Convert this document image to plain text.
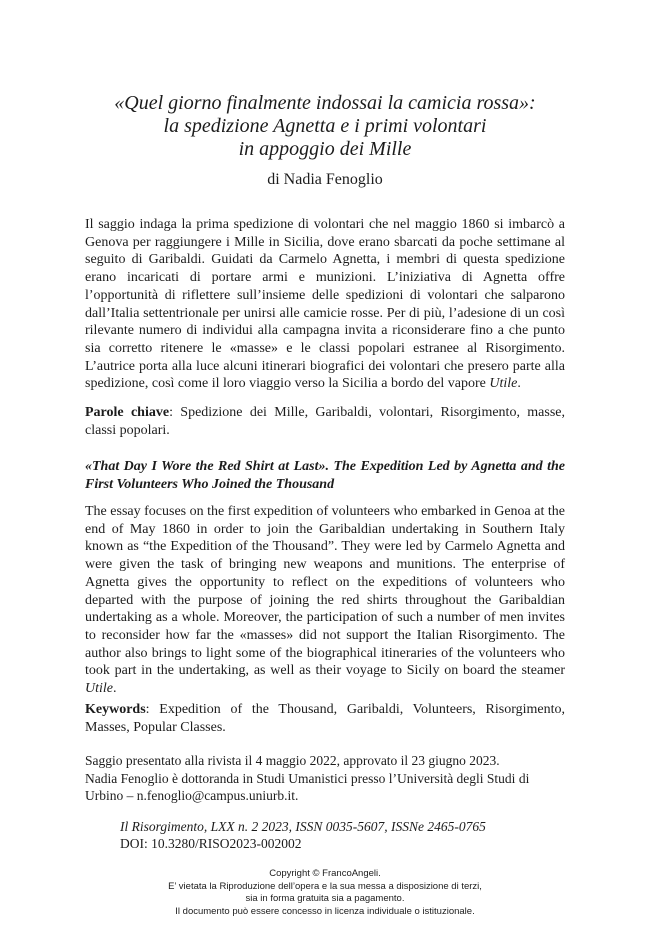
«Quel giorno finalmente indossai la camicia rossa»:
la spedizione Agnetta e i primi volontari
in appoggio dei Mille
di Nadia Fenoglio

Il saggio indaga la prima spedizione di volontari che nel maggio 1860 si imbarcò a Genova per raggiungere i Mille in Sicilia, dove erano sbarcati da poche settimane al seguito di Garibaldi. Guidati da Carmelo Agnetta, i membri di questa spedizione erano incaricati di portare armi e munizioni. L’iniziativa di Agnetta offre l’opportunità di riflettere sull’insieme delle spedizioni di volontari che salparono dall’Italia settentrionale per unirsi alle camicie rosse. Per di più, l’adesione di un così rilevante numero di individui alla campagna invita a riconsiderare fino a che punto sia corretto ritenere le «masse» e le classi popolari estranee al Risorgimento. L’autrice porta alla luce alcuni itinerari biografici dei volontari che presero parte alla spedizione, così come il loro viaggio verso la Sicilia a bordo del vapore Utile.

Parole chiave: Spedizione dei Mille, Garibaldi, volontari, Risorgimento, masse, classi popolari.

«That Day I Wore the Red Shirt at Last». The Expedition Led by Agnetta and the First Volunteers Who Joined the Thousand

The essay focuses on the first expedition of volunteers who embarked in Genoa at the end of May 1860 in order to join the Garibaldian undertaking in Southern Italy known as “the Expedition of the Thousand”. They were led by Carmelo Agnetta and were given the task of bringing new weapons and munitions. The enterprise of Agnetta gives the opportunity to reflect on the expeditions of volunteers who departed with the purpose of joining the red shirts throughout the Garibaldian undertaking as a whole. Moreover, the participation of such a number of men invites to reconsider how far the «masses» did not support the Italian Risorgimento. The author also brings to light some of the biographical itineraries of the volunteers who took part in the undertaking, as well as their voyage to Sicily on board the steamer Utile.

Keywords: Expedition of the Thousand, Garibaldi, Volunteers, Risorgimento, Masses, Popular Classes.

Saggio presentato alla rivista il 4 maggio 2022, approvato il 23 giugno 2023.
Nadia Fenoglio è dottoranda in Studi Umanistici presso l’Università degli Studi di Urbino – n.fenoglio@campus.uniurb.it.

Il Risorgimento, LXX n. 2 2023, ISSN 0035-5607, ISSNe 2465-0765
DOI: 10.3280/RISO2023-002002
Copyright © FrancoAngeli.
E’ vietata la Riproduzione dell’opera e la sua messa a disposizione di terzi,
sia in forma gratuita sia a pagamento.
Il documento può essere concesso in licenza individuale o istituzionale.
